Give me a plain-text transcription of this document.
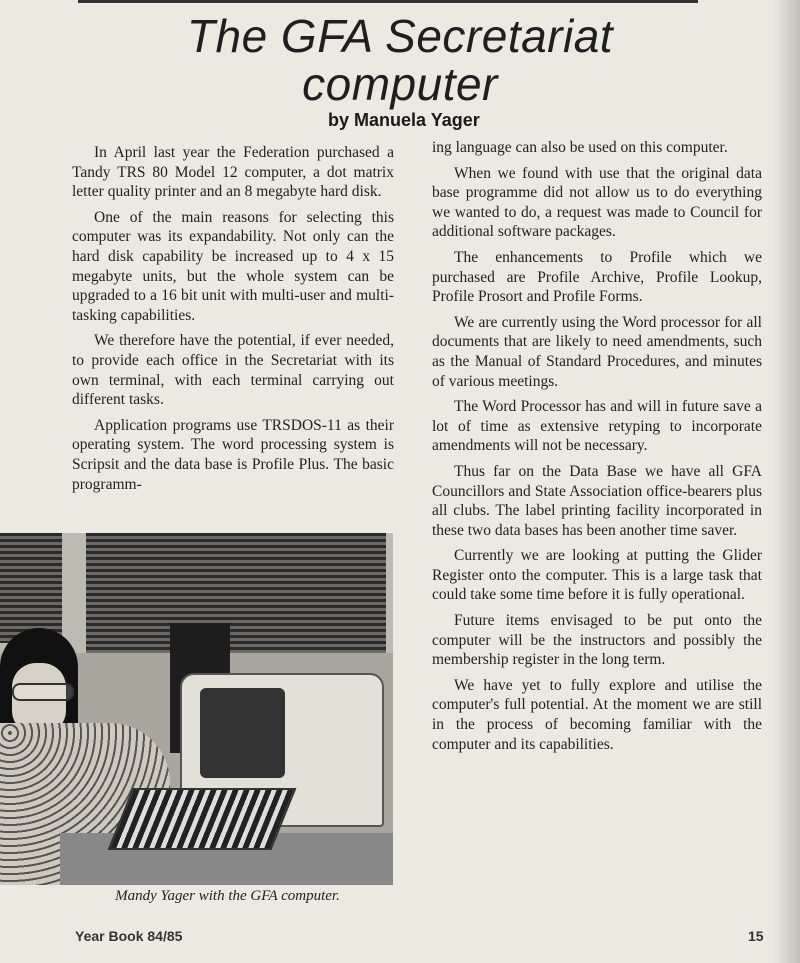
The GFA Secretariat
computer
by Manuela Yager

In April last year the Federation purchased a Tandy TRS 80 Model 12 computer, a dot matrix letter quality printer and an 8 megabyte hard disk.

One of the main reasons for selecting this computer was its expandability. Not only can the hard disk capability be increased up to 4 x 15 megabyte units, but the whole system can be upgraded to a 16 bit unit with multi-user and multi-tasking capabilities.

We therefore have the potential, if ever needed, to provide each office in the Secretariat with its own terminal, with each terminal carrying out different tasks.

Application programs use TRSDOS-11 as their operating system. The word processing system is Scripsit and the data base is Profile Plus. The basic programm-

ing language can also be used on this computer.

When we found with use that the original data base programme did not allow us to do everything we wanted to do, a request was made to Council for additional software packages.

The enhancements to Profile which we purchased are Profile Archive, Profile Lookup, Profile Prosort and Profile Forms.

We are currently using the Word processor for all documents that are likely to need amendments, such as the Manual of Standard Procedures, and minutes of various meetings.

The Word Processor has and will in future save a lot of time as extensive retyping to incorporate amendments will not be necessary.

Thus far on the Data Base we have all GFA Councillors and State Association office-bearers plus all clubs. The label printing facility incorporated in these two data bases has been another time saver.

Currently we are looking at putting the Glider Register onto the computer. This is a large task that could take some time before it is fully operational.

Future items envisaged to be put onto the computer will be the instructors and possibly the membership register in the long term.

We have yet to fully explore and utilise the computer's full potential. At the moment we are still in the process of becoming familiar with the computer and its capabilities.

Mandy Yager with the GFA computer.
Year Book 84/85	15
